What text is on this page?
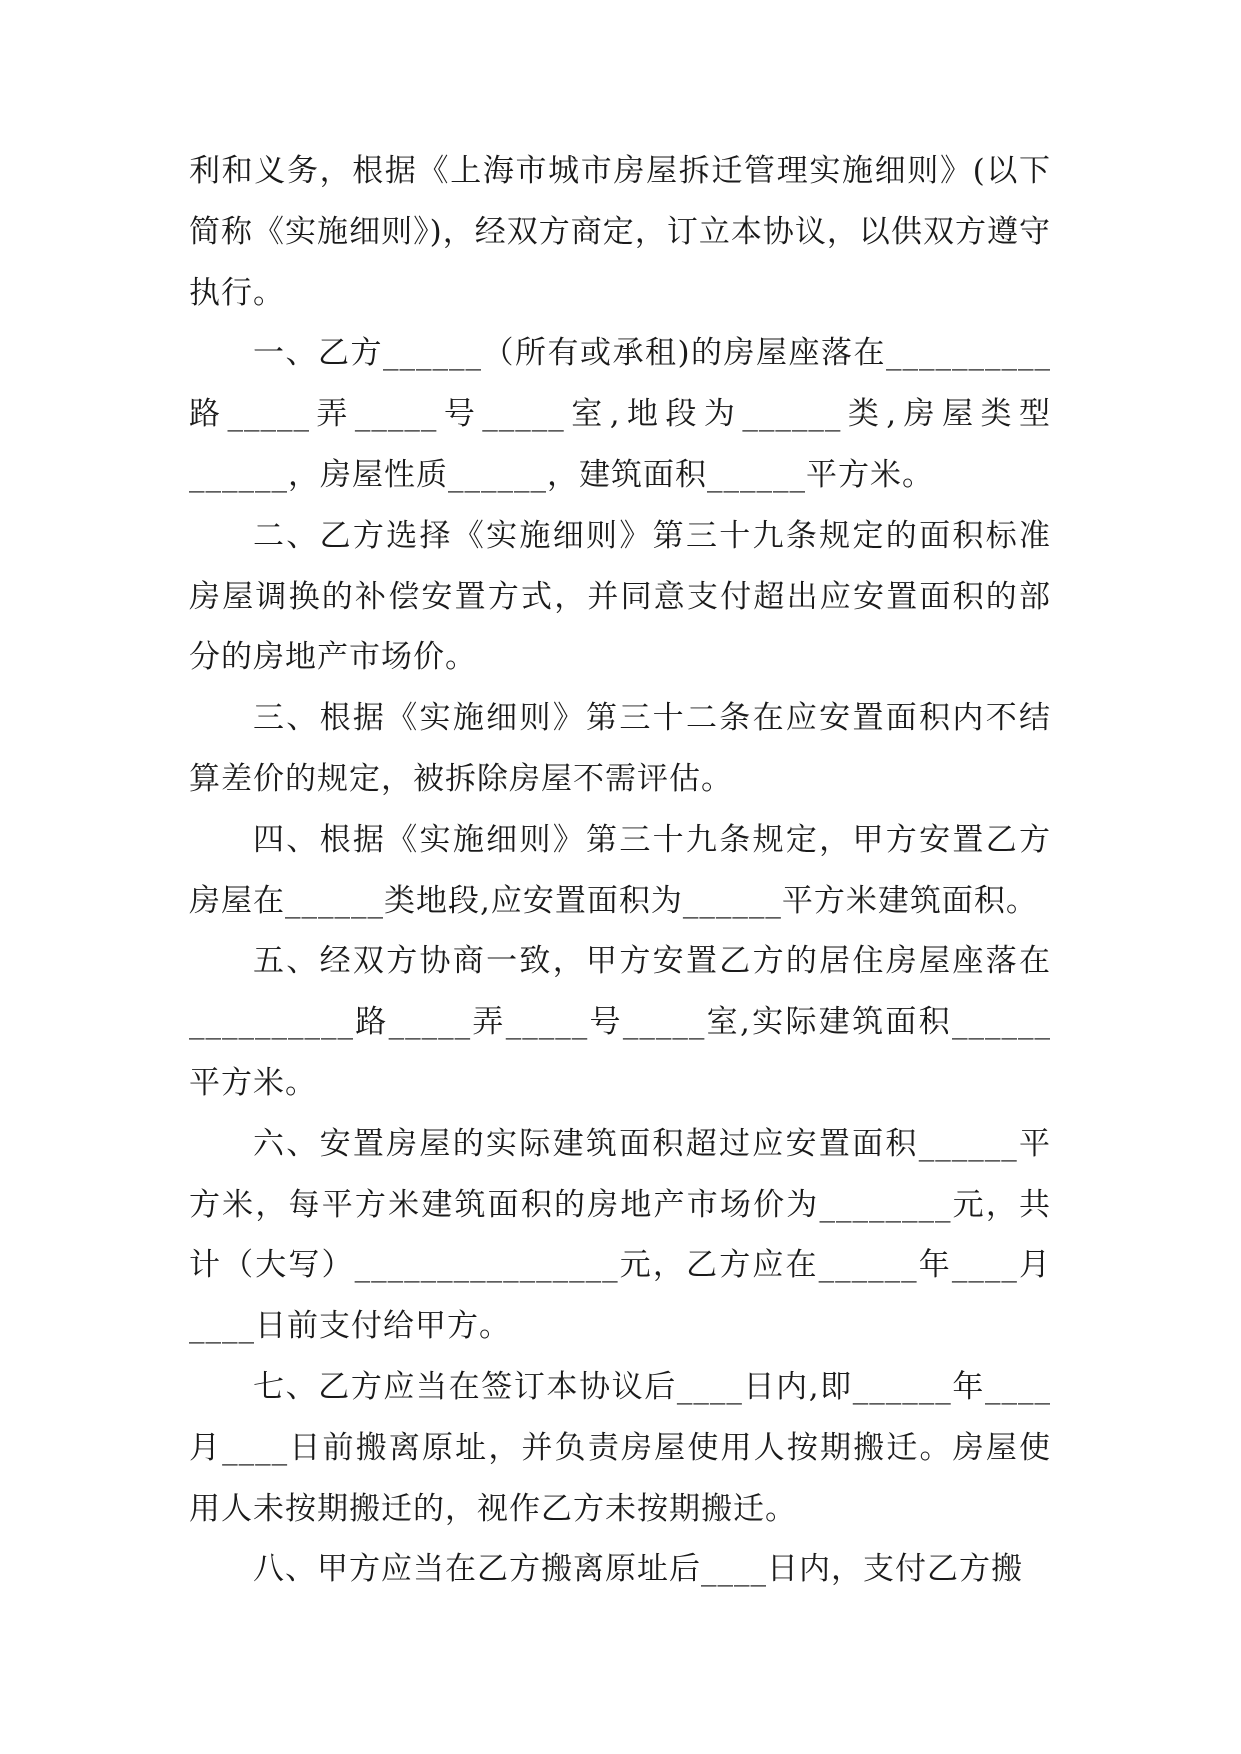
利和义务，根据《上海市城市房屋拆迁管理实施细则》(以下简称《实施细则》)，经双方商定，订立本协议，以供双方遵守执行。

一、乙方______（所有或承租)的房屋座落在__________路_____弄_____号_____室,地段为______类,房屋类型______，房屋性质______，建筑面积______平方米。

二、乙方选择《实施细则》第三十九条规定的面积标准房屋调换的补偿安置方式，并同意支付超出应安置面积的部分的房地产市场价。

三、根据《实施细则》第三十二条在应安置面积内不结算差价的规定，被拆除房屋不需评估。

四、根据《实施细则》第三十九条规定，甲方安置乙方房屋在______类地段,应安置面积为______平方米建筑面积。

五、经双方协商一致，甲方安置乙方的居住房屋座落在__________路_____弄_____号_____室,实际建筑面积______平方米。

六、安置房屋的实际建筑面积超过应安置面积______平方米，每平方米建筑面积的房地产市场价为________元，共计（大写）________________元，乙方应在______年____月____日前支付给甲方。

七、乙方应当在签订本协议后____日内,即______年____月____日前搬离原址，并负责房屋使用人按期搬迁。房屋使用人未按期搬迁的，视作乙方未按期搬迁。

八、甲方应当在乙方搬离原址后____日内，支付乙方搬
